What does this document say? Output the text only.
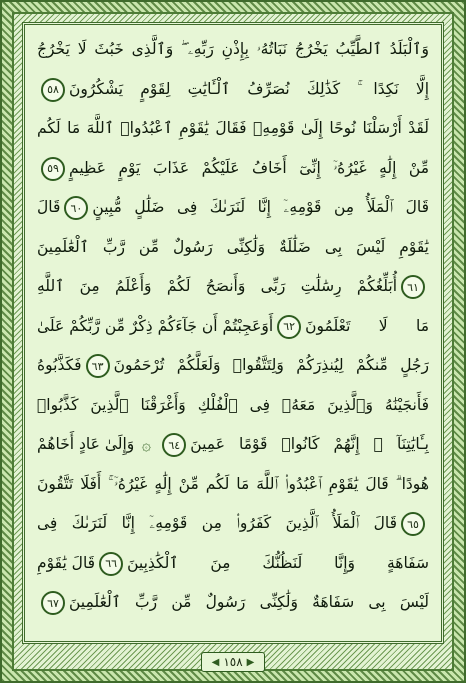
وَٱلْبَلَدُ ٱلطَّيِّبُ يَخْرُجُ نَبَاتُهُۥ بِإِذْنِ رَبِّهِۦ ۖ وَٱلَّذِى خَبُثَ لَا يَخْرُجُ
إِلَّا نَكِدًا ۚ كَذَٰلِكَ نُصَرِّفُ ٱلْـَٔايَٰتِ لِقَوْمٍ يَشْكُرُونَ
٥٨
لَقَدْ أَرْسَلْنَا نُوحًا إِلَىٰ قَوْمِهِۦ فَقَالَ يَٰقَوْمِ ٱعْبُدُوا۟ ٱللَّهَ مَا لَكُم
مِّنْ إِلَٰهٍ غَيْرُهُۥٓ إِنِّىٓ أَخَافُ عَلَيْكُمْ عَذَابَ يَوْمٍ عَظِيمٍ
٥٩
قَالَ ٱلْمَلَأُ مِن قَوْمِهِۦٓ إِنَّا لَنَرَىٰكَ فِى ضَلَٰلٍ مُّبِينٍ
٦٠
قَالَ
يَٰقَوْمِ لَيْسَ بِى ضَلَٰلَةٌ وَلَٰكِنِّى رَسُولٌ مِّن رَّبِّ ٱلْعَٰلَمِينَ
٦١
أُبَلِّغُكُمْ رِسَٰلَٰتِ رَبِّى وَأَنصَحُ لَكُمْ وَأَعْلَمُ مِنَ ٱللَّهِ
مَا لَا تَعْلَمُونَ
٦٢
أَوَعَجِبْتُمْ أَن جَآءَكُمْ ذِكْرٌ مِّن رَّبِّكُمْ عَلَىٰ
رَجُلٍ مِّنكُمْ لِيُنذِرَكُمْ وَلِتَتَّقُوا۟ وَلَعَلَّكُمْ تُرْحَمُونَ
٦٣
فَكَذَّبُوهُ
فَأَنجَيْنَٰهُ وَٱلَّذِينَ مَعَهُۥ فِى ٱلْفُلْكِ وَأَغْرَقْنَا ٱلَّذِينَ كَذَّبُوا۟
بِـَٔايَٰتِنَآ ۚ إِنَّهُمْ كَانُوا۟ قَوْمًا عَمِينَ
٦٤
۞
وَإِلَىٰ عَادٍ أَخَاهُمْ
هُودًا ۗ قَالَ يَٰقَوْمِ ٱعْبُدُوا۟ ٱللَّهَ مَا لَكُم مِّنْ إِلَٰهٍ غَيْرُهُۥٓ ۚ أَفَلَا تَتَّقُونَ
٦٥
قَالَ ٱلْمَلَأُ ٱلَّذِينَ كَفَرُوا۟ مِن قَوْمِهِۦٓ إِنَّا لَنَرَىٰكَ فِى
سَفَاهَةٍ وَإِنَّا لَنَظُنُّكَ مِنَ ٱلْكَٰذِبِينَ
٦٦
قَالَ يَٰقَوْمِ
لَيْسَ بِى سَفَاهَةٌ وَلَٰكِنِّى رَسُولٌ مِّن رَّبِّ ٱلْعَٰلَمِينَ
٦٧
◀ ١٥٨ ▶
